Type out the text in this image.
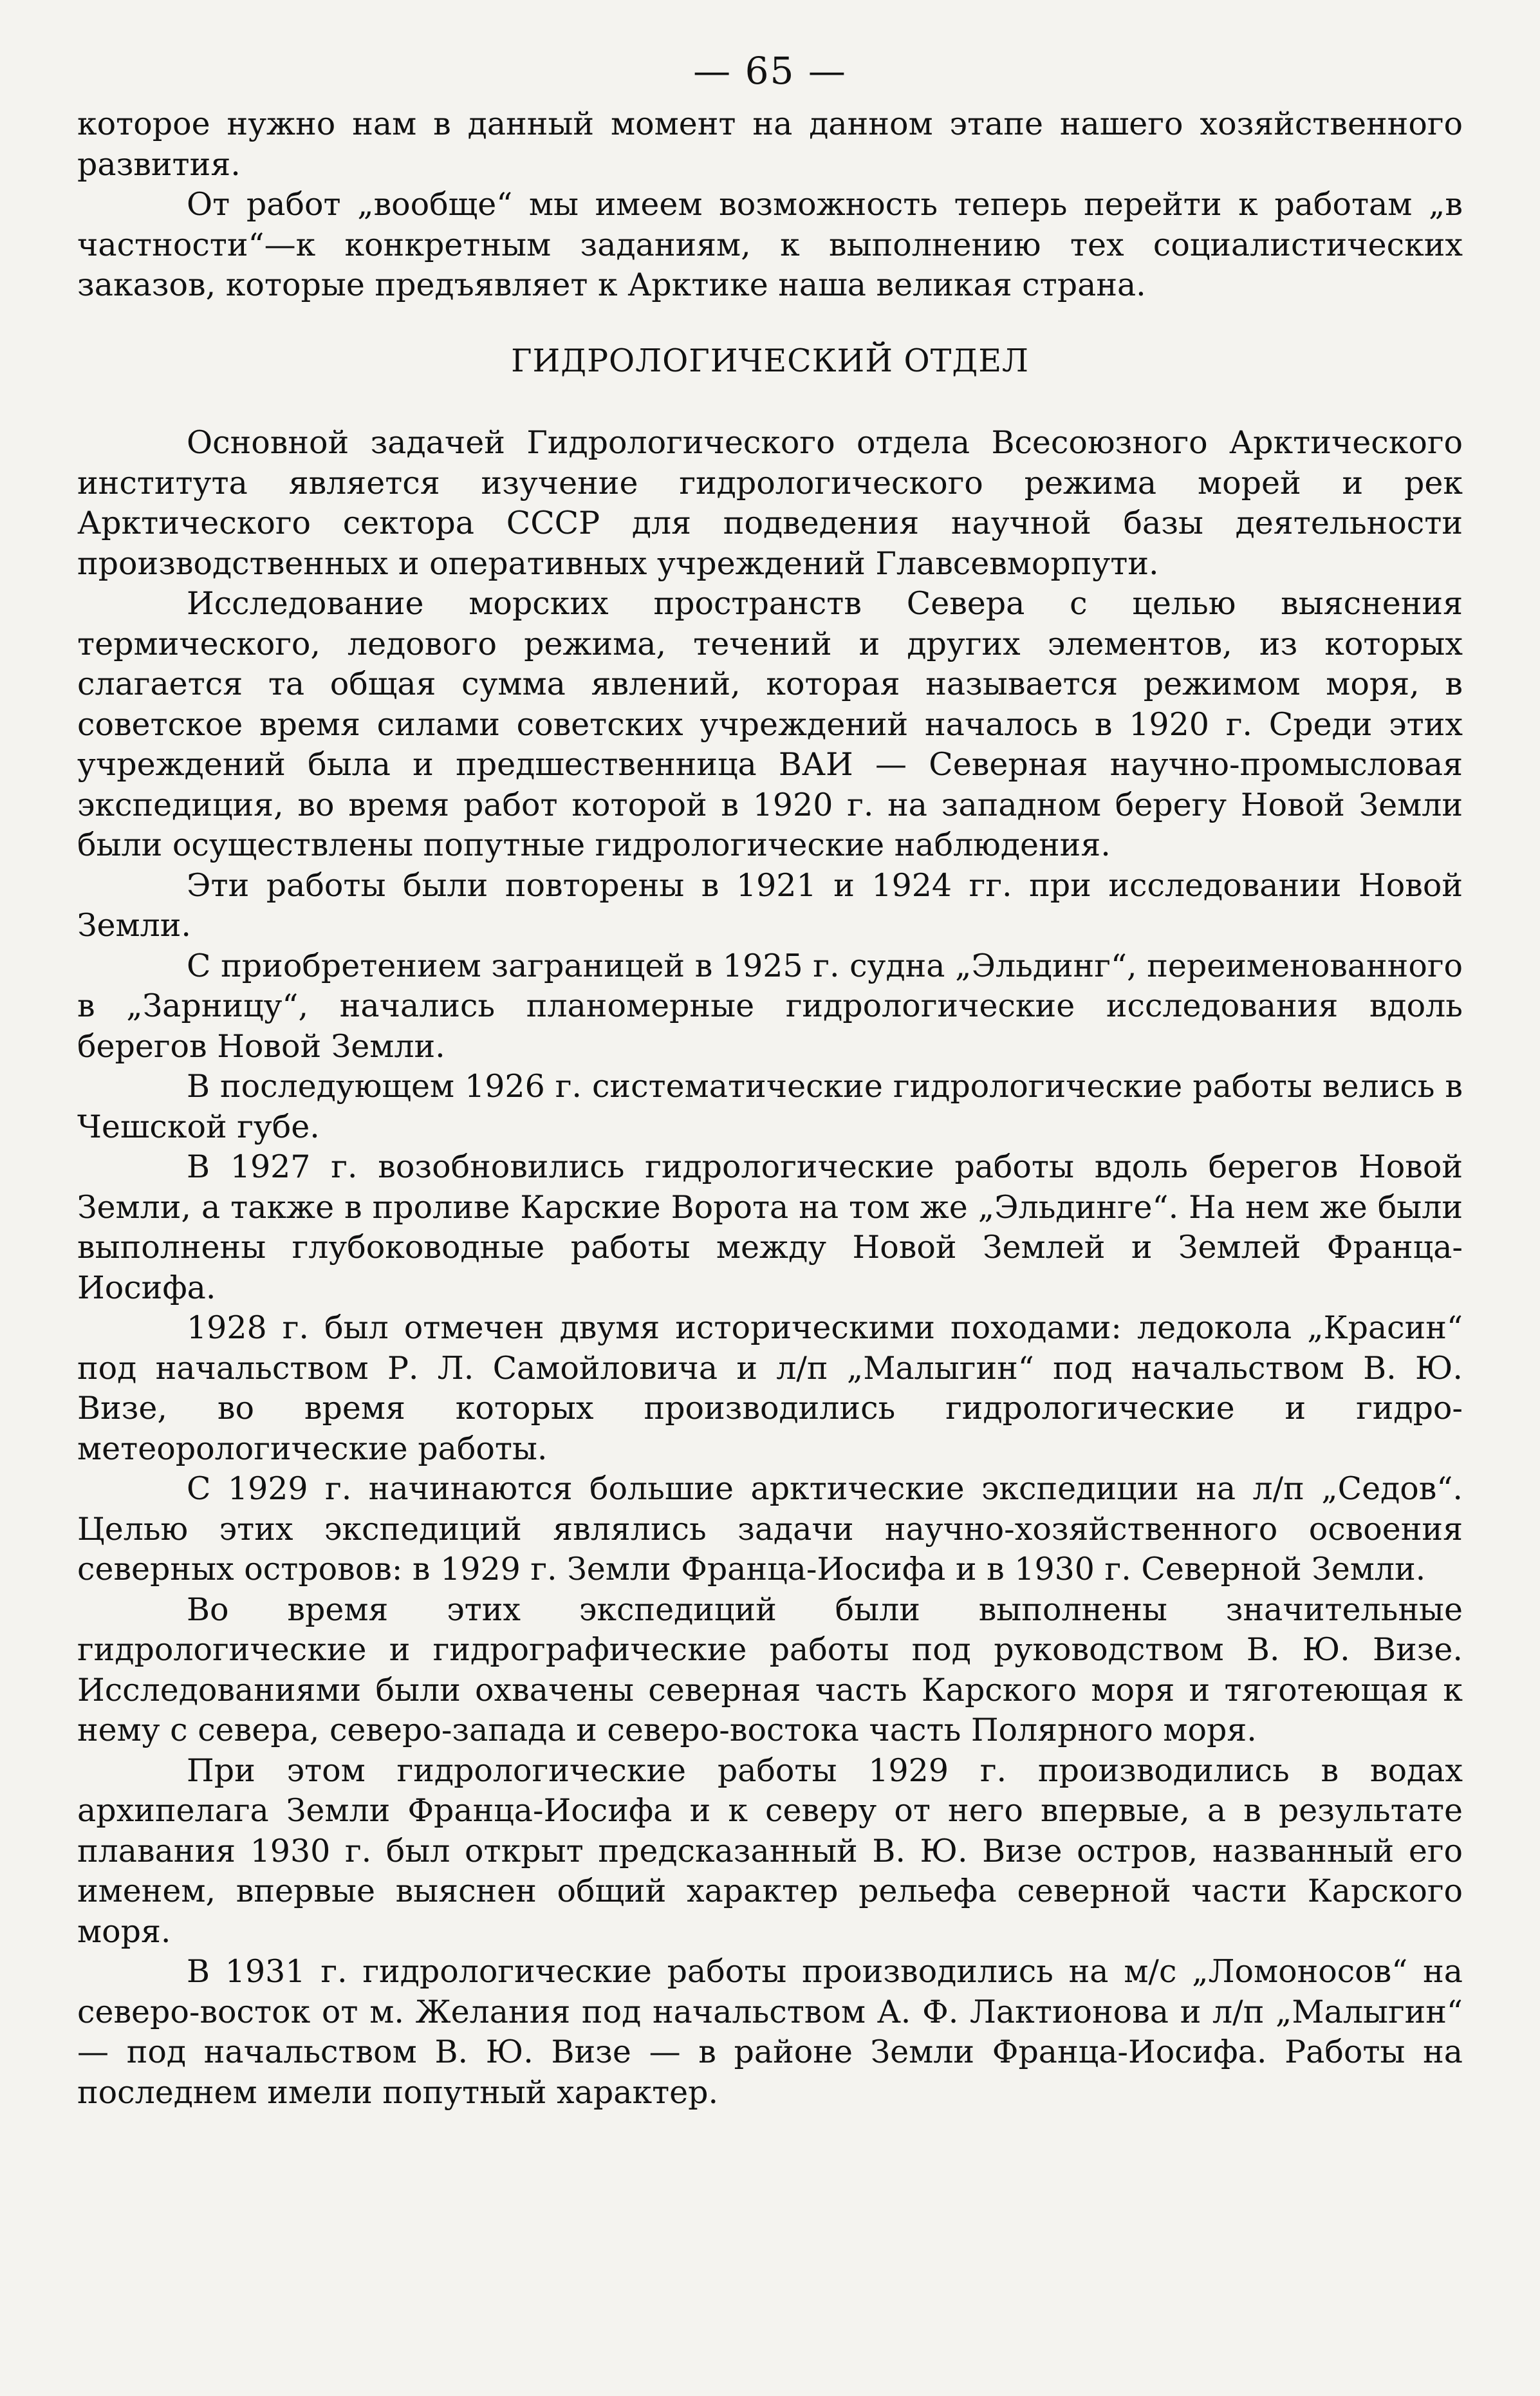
— 65 —

которое нужно нам в данный момент на данном этапе нашего хозяйственного развития.

От работ „вообще“ мы имеем возможность теперь перейти к работам „в частности“—к конкретным заданиям, к выполнению тех социалистических заказов, которые предъявляет к Арктике наша великая страна.

ГИДРОЛОГИЧЕСКИЙ ОТДЕЛ

Основной задачей Гидрологического отдела Всесоюзного Арктического института является изучение гидрологического режима морей и рек Арктического сектора СССР для подведения научной базы деятельности производственных и оперативных учреждений Главсевморпути.

Исследование морских пространств Севера с целью выяснения термического, ледового режима, течений и других элементов, из которых слагается та общая сумма явлений, которая называется режимом моря, в советское время силами советских учреждений началось в 1920 г. Среди этих учреждений была и предшественница ВАИ — Северная научно-промысловая экспедиция, во время работ которой в 1920 г. на западном берегу Новой Земли были осуществлены попутные гидрологические наблюдения.

Эти работы были повторены в 1921 и 1924 гг. при исследовании Новой Земли.

С приобретением заграницей в 1925 г. судна „Эльдинг“, переименованного в „Зарницу“, начались планомерные гидрологические исследования вдоль берегов Новой Земли.

В последующем 1926 г. систематические гидрологические работы велись в Чешской губе.

В 1927 г. возобновились гидрологические работы вдоль берегов Новой Земли, а также в проливе Карские Ворота на том же „Эльдинге“. На нем же были выполнены глубоководные работы между Новой Землей и Землей Франца-Иосифа.

1928 г. был отмечен двумя историческими походами: ледокола „Красин“ под начальством Р. Л. Самойловича и л/п „Малыгин“ под начальством В. Ю. Визе, во время которых производились гидрологические и гидро-метеорологические работы.

С 1929 г. начинаются большие арктические экспедиции на л/п „Седов“. Целью этих экспедиций являлись задачи научно-хозяйственного освоения северных островов: в 1929 г. Земли Франца-Иосифа и в 1930 г. Северной Земли.

Во время этих экспедиций были выполнены значительные гидрологические и гидрографические работы под руководством В. Ю. Визе. Исследованиями были охвачены северная часть Карского моря и тяготеющая к нему с севера, северо-запада и северо-востока часть Полярного моря.

При этом гидрологические работы 1929 г. производились в водах архипелага Земли Франца-Иосифа и к северу от него впервые, а в результате плавания 1930 г. был открыт предсказанный В. Ю. Визе остров, названный его именем, впервые выяснен общий характер рельефа северной части Карского моря.

В 1931 г. гидрологические работы производились на м/с „Ломоносов“ на северо-восток от м. Желания под начальством А. Ф. Лактионова и л/п „Малыгин“ — под начальством В. Ю. Визе — в районе Земли Франца-Иосифа. Работы на последнем имели попутный характер.
